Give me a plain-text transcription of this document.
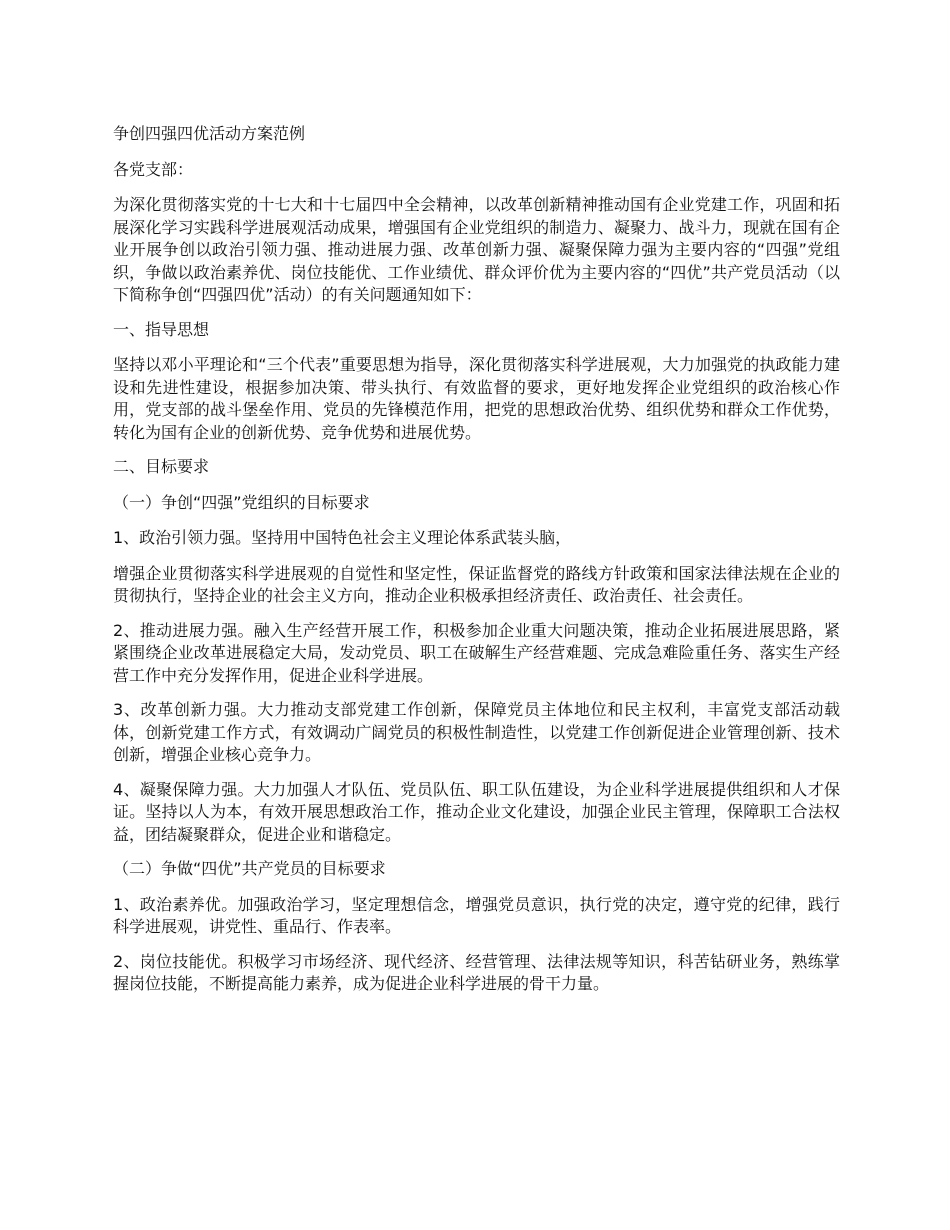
争创四强四优活动方案范例

各党支部：

为深化贯彻落实党的十七大和十七届四中全会精神，以改革创新精神推动国有企业党建工作，巩固和拓展深化学习实践科学进展观活动成果，增强国有企业党组织的制造力、凝聚力、战斗力，现就在国有企业开展争创以政治引领力强、推动进展力强、改革创新力强、凝聚保障力强为主要内容的“四强”党组织，争做以政治素养优、岗位技能优、工作业绩优、群众评价优为主要内容的“四优”共产党员活动（以下简称争创“四强四优”活动）的有关问题通知如下：

一、指导思想

坚持以邓小平理论和“三个代表”重要思想为指导，深化贯彻落实科学进展观，大力加强党的执政能力建设和先进性建设，根据参加决策、带头执行、有效监督的要求，更好地发挥企业党组织的政治核心作用，党支部的战斗堡垒作用、党员的先锋模范作用，把党的思想政治优势、组织优势和群众工作优势，转化为国有企业的创新优势、竞争优势和进展优势。

二、目标要求

（一）争创“四强”党组织的目标要求

1、政治引领力强。坚持用中国特色社会主义理论体系武装头脑，

增强企业贯彻落实科学进展观的自觉性和坚定性，保证监督党的路线方针政策和国家法律法规在企业的贯彻执行，坚持企业的社会主义方向，推动企业积极承担经济责任、政治责任、社会责任。

2、推动进展力强。融入生产经营开展工作，积极参加企业重大问题决策，推动企业拓展进展思路，紧紧围绕企业改革进展稳定大局，发动党员、职工在破解生产经营难题、完成急难险重任务、落实生产经营工作中充分发挥作用，促进企业科学进展。

3、改革创新力强。大力推动支部党建工作创新，保障党员主体地位和民主权利，丰富党支部活动载体，创新党建工作方式，有效调动广阔党员的积极性制造性，以党建工作创新促进企业管理创新、技术创新，增强企业核心竞争力。

4、凝聚保障力强。大力加强人才队伍、党员队伍、职工队伍建设，为企业科学进展提供组织和人才保证。坚持以人为本，有效开展思想政治工作，推动企业文化建设，加强企业民主管理，保障职工合法权益，团结凝聚群众，促进企业和谐稳定。

（二）争做“四优”共产党员的目标要求

1、政治素养优。加强政治学习，坚定理想信念，增强党员意识，执行党的决定，遵守党的纪律，践行科学进展观，讲党性、重品行、作表率。

2、岗位技能优。积极学习市场经济、现代经济、经营管理、法律法规等知识，科苦钻研业务，熟练掌握岗位技能，不断提高能力素养，成为促进企业科学进展的骨干力量。
